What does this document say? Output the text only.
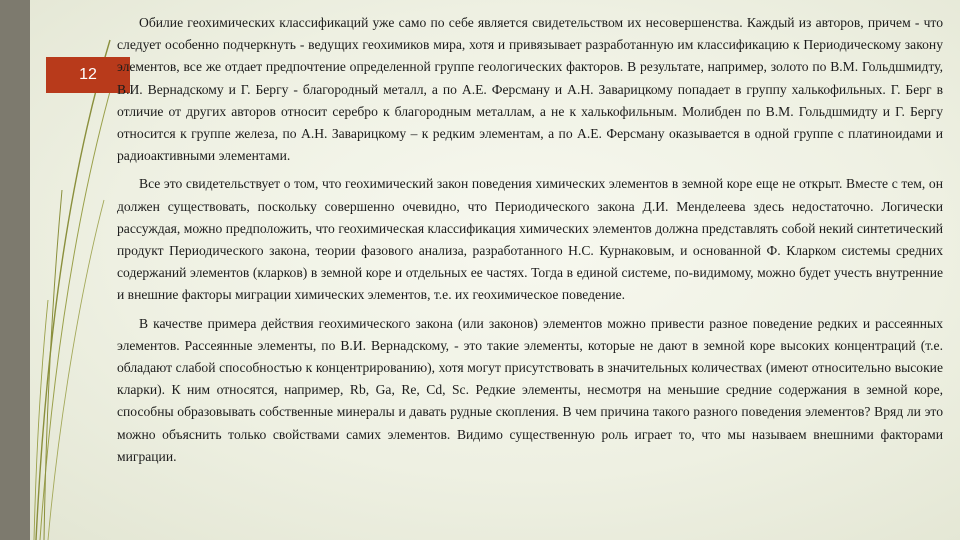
12

Обилие геохимических классификаций уже само по себе является свидетельством их несовершенства. Каждый из авторов, причем - что следует особенно подчеркнуть - ведущих геохимиков мира, хотя и привязывает разработанную им классификацию к Периодическому закону элементов, все же отдает предпочтение определенной группе геологических факторов. В результате, например, золото по В.М. Гольдшмидту, В.И. Вернадскому и Г. Бергу - благородный металл, а по А.Е. Ферсману и А.Н. Заварицкому попадает в группу халькофильных. Г. Берг в отличие от других авторов относит серебро к благородным металлам, а не к халькофильным. Молибден по В.М. Гольдшмидту и Г. Бергу относится к группе железа, по А.Н. Заварицкому – к редким элементам, а по А.Е. Ферсману оказывается в одной группе с платиноидами и радиоактивными элементами.

Все это свидетельствует о том, что геохимический закон поведения химических элементов в земной коре еще не открыт. Вместе с тем, он должен существовать, поскольку совершенно очевидно, что Периодического закона Д.И. Менделеева здесь недостаточно. Логически рассуждая, можно предположить, что геохимическая классификация химических элементов должна представлять собой некий синтетический продукт Периодического закона, теории фазового анализа, разработанного Н.С. Курнаковым, и основанной Ф. Кларком системы средних содержаний элементов (кларков) в земной коре и отдельных ее частях. Тогда в единой системе, по-видимому, можно будет учесть внутренние и внешние факторы миграции химических элементов, т.е. их геохимическое поведение.

В качестве примера действия геохимического закона (или законов) элементов можно привести разное поведение редких и рассеянных элементов. Рассеянные элементы, по В.И. Вернадскому, - это такие элементы, которые не дают в земной коре высоких концентраций (т.е. обладают слабой способностью к концентрированию), хотя могут присутствовать в значительных количествах (имеют относительно высокие кларки). К ним относятся, например, Rb, Ga, Re, Cd, Sc. Редкие элементы, несмотря на меньшие средние содержания в земной коре, способны образовывать собственные минералы и давать рудные скопления. В чем причина такого разного поведения элементов? Вряд ли это можно объяснить только свойствами самих элементов. Видимо существенную роль играет то, что мы называем внешними факторами миграции.
